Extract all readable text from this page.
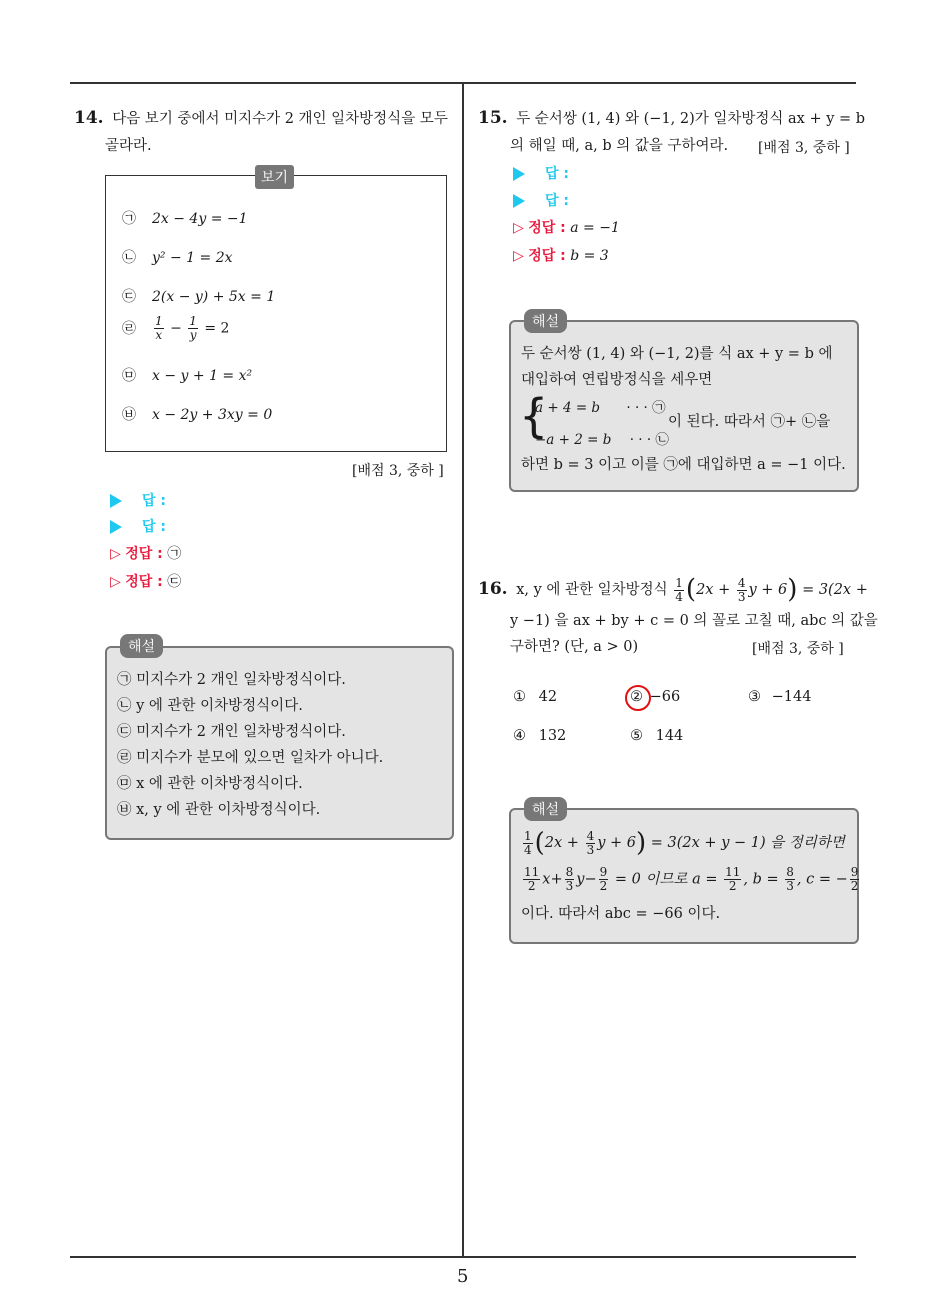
5
14. 다음 보기 중에서 미지수가 2 개인 일차방정식을 모두
골라라.
보기
㉠ 2x − 4y = −1
㉡ y² − 1 = 2x
㉢ 2(x − y) + 5x = 1
㉣ $\frac{1}{x} - \frac{1}{y} = 2$
㉤ x − y + 1 = x²
㉥ x − 2y + 3xy = 0
[배점 3, 중하 ]
답 :
답 :
▷ 정답 : ㉠
▷ 정답 : ㉢
해설
㉠ 미지수가 2 개인 일차방정식이다.
㉡ y 에 관한 이차방정식이다.
㉢ 미지수가 2 개인 일차방정식이다.
㉣ 미지수가 분모에 있으면 일차가 아니다.
㉤ x 에 관한 이차방정식이다.
㉥ x, y 에 관한 이차방정식이다.
15. 두 순서쌍 (1, 4) 와 (−1, 2)가 일차방정식 ax + y = b
의 해일 때, a, b 의 값을 구하여라. [배점 3, 중하 ]
답 :
답 :
▷ 정답 : a = −1
▷ 정답 : b = 3
해설
두 순서쌍 (1, 4) 와 (−1, 2)를 식 ax + y = b 에
대입하여 연립방정식을 세우면
{
a + 4 = b · · · ㉠
−a + 2 = b · · · ㉡
이 된다. 따라서 ㉠+ ㉡을
하면 b = 3 이고 이를 ㉠에 대입하면 a = −1 이다.
16. x, y 에 관한 일차방정식 $\frac{1}{4} (2x + \frac{4}{3}$ y + 6) = 3(2x +
y −1) 을 ax + by + c = 0 의 꼴로 고칠 때, abc 의 값을
구하면? (단, a > 0)	[배점 3, 중하 ]
① 42	② −66	③ −144
④ 132	⑤ 144
해설
$\frac{1}{4} (2x + \frac{4}{3}$ y + 6) = 3(2x + y − 1) 을 정리하면
$\frac{11}{2} x+ \frac{8}{3} y- \frac{9}{2} = 0$ 이므로 $a = \frac{11}{2}$ , $b = \frac{8}{3}$ , c = − $\frac{9}{2}$
이다. 따라서 abc = −66 이다.
